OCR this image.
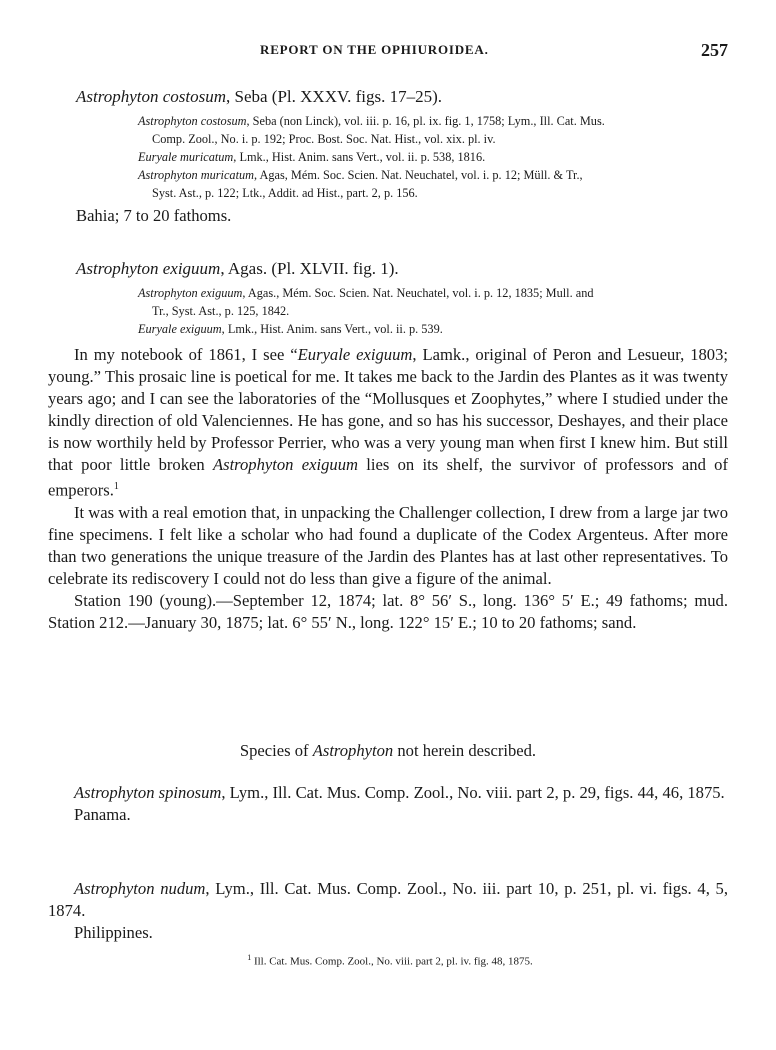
REPORT ON THE OPHIUROIDEA.	257
Astrophyton costosum, Seba (Pl. XXXV. figs. 17–25).
Astrophyton costosum, Seba (non Linck), vol. iii. p. 16, pl. ix. fig. 1, 1758; Lym., Ill. Cat. Mus.
Comp. Zool., No. i. p. 192; Proc. Bost. Soc. Nat. Hist., vol. xix. pl. iv.
Euryale muricatum, Lmk., Hist. Anim. sans Vert., vol. ii. p. 538, 1816.
Astrophyton muricatum, Agas, Mém. Soc. Scien. Nat. Neuchatel, vol. i. p. 12; Müll. & Tr.,
Syst. Ast., p. 122; Ltk., Addit. ad Hist., part. 2, p. 156.
Bahia; 7 to 20 fathoms.
Astrophyton exiguum, Agas. (Pl. XLVII. fig. 1).
Astrophyton exiguum, Agas., Mém. Soc. Scien. Nat. Neuchatel, vol. i. p. 12, 1835; Mull. and
Tr., Syst. Ast., p. 125, 1842.
Euryale exiguum, Lmk., Hist. Anim. sans Vert., vol. ii. p. 539.

In my notebook of 1861, I see “Euryale exiguum, Lamk., original of Peron and Lesueur, 1803; young.” This prosaic line is poetical for me. It takes me back to the Jardin des Plantes as it was twenty years ago; and I can see the laboratories of the “Mollusques et Zoophytes,” where I studied under the kindly direction of old Valenciennes. He has gone, and so has his successor, Deshayes, and their place is now worthily held by Professor Perrier, who was a very young man when first I knew him. But still that poor little broken Astrophyton exiguum lies on its shelf, the survivor of professors and of emperors.$^1$

It was with a real emotion that, in unpacking the Challenger collection, I drew from a large jar two fine specimens. I felt like a scholar who had found a duplicate of the Codex Argenteus. After more than two generations the unique treasure of the Jardin des Plantes has at last other representatives. To celebrate its rediscovery I could not do less than give a figure of the animal.

Station 190 (young).—September 12, 1874; lat. 8° 56′ S., long. 136° 5′ E.; 49 fathoms; mud. Station 212.—January 30, 1875; lat. 6° 55′ N., long. 122° 15′ E.; 10 to 20 fathoms; sand.

Species of Astrophyton not herein described.

Astrophyton spinosum, Lym., Ill. Cat. Mus. Comp. Zool., No. viii. part 2, p. 29, figs. 44, 46, 1875.

Panama.

Astrophyton nudum, Lym., Ill. Cat. Mus. Comp. Zool., No. iii. part 10, p. 251, pl. vi. figs. 4, 5, 1874.

Philippines.

$^1$ Ill. Cat. Mus. Comp. Zool., No. viii. part 2, pl. iv. fig. 48, 1875.
